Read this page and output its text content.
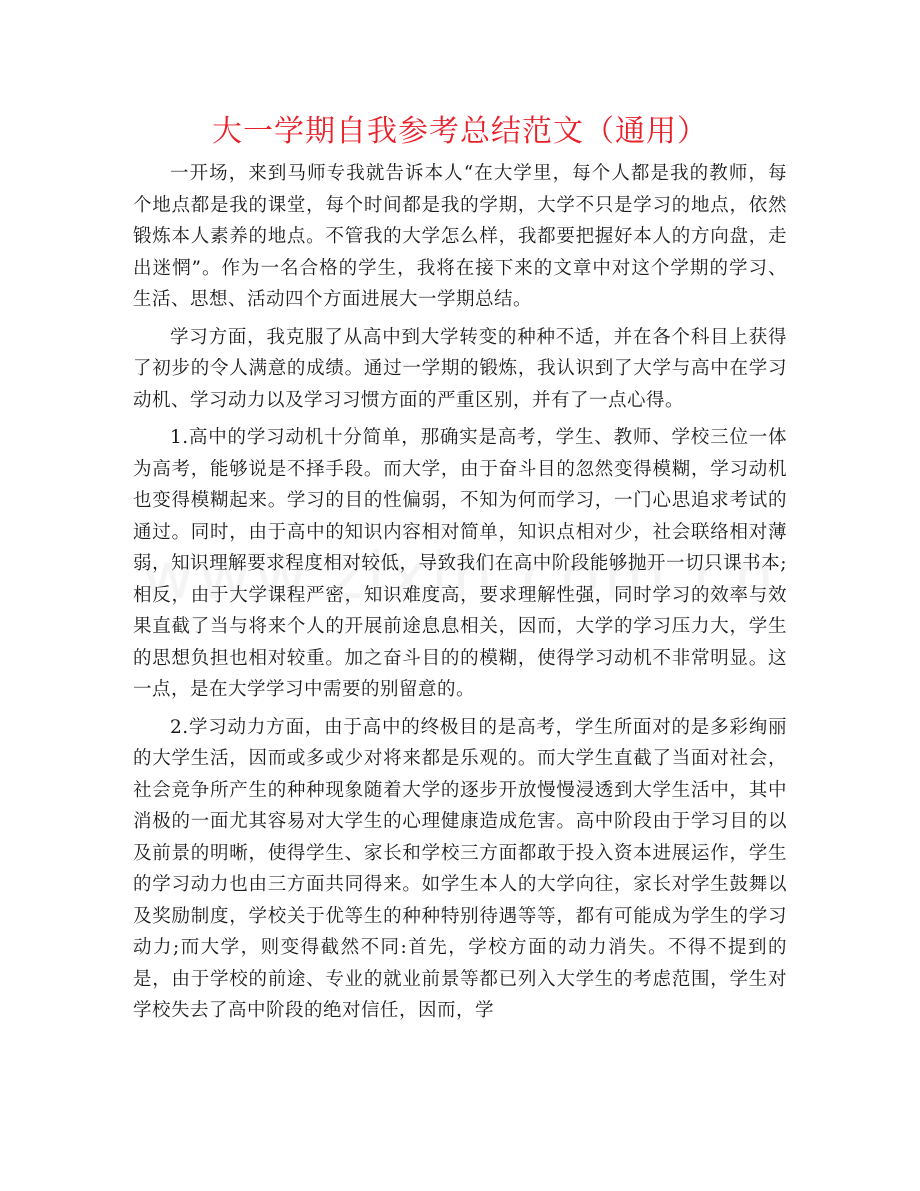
大一学期自我参考总结范文（通用）

一开场，来到马师专我就告诉本人“在大学里，每个人都是我的教师，每个地点都是我的课堂，每个时间都是我的学期，大学不只是学习的地点，依然锻炼本人素养的地点。不管我的大学怎么样，我都要把握好本人的方向盘，走出迷惘”。作为一名合格的学生，我将在接下来的文章中对这个学期的学习、生活、思想、活动四个方面进展大一学期总结。

学习方面，我克服了从高中到大学转变的种种不适，并在各个科目上获得了初步的令人满意的成绩。通过一学期的锻炼，我认识到了大学与高中在学习动机、学习动力以及学习习惯方面的严重区别，并有了一点心得。

1.高中的学习动机十分简单，那确实是高考，学生、教师、学校三位一体为高考，能够说是不择手段。而大学，由于奋斗目的忽然变得模糊，学习动机也变得模糊起来。学习的目的性偏弱，不知为何而学习，一门心思追求考试的通过。同时，由于高中的知识内容相对简单，知识点相对少，社会联络相对薄弱，知识理解要求程度相对较低，导致我们在高中阶段能够抛开一切只课书本;相反，由于大学课程严密，知识难度高，要求理解性强，同时学习的效率与效果直截了当与将来个人的开展前途息息相关，因而，大学的学习压力大，学生的思想负担也相对较重。加之奋斗目的的模糊，使得学习动机不非常明显。这一点，是在大学学习中需要的别留意的。

2.学习动力方面，由于高中的终极目的是高考，学生所面对的是多彩绚丽的大学生活，因而或多或少对将来都是乐观的。而大学生直截了当面对社会，社会竞争所产生的种种现象随着大学的逐步开放慢慢浸透到大学生活中，其中消极的一面尤其容易对大学生的心理健康造成危害。高中阶段由于学习目的以及前景的明晰，使得学生、家长和学校三方面都敢于投入资本进展运作，学生的学习动力也由三方面共同得来。如学生本人的大学向往，家长对学生鼓舞以及奖励制度，学校关于优等生的种种特别待遇等等，都有可能成为学生的学习动力;而大学，则变得截然不同:首先，学校方面的动力消失。不得不提到的是，由于学校的前途、专业的就业前景等都已列入大学生的考虑范围，学生对学校失去了高中阶段的绝对信任，因而，学
